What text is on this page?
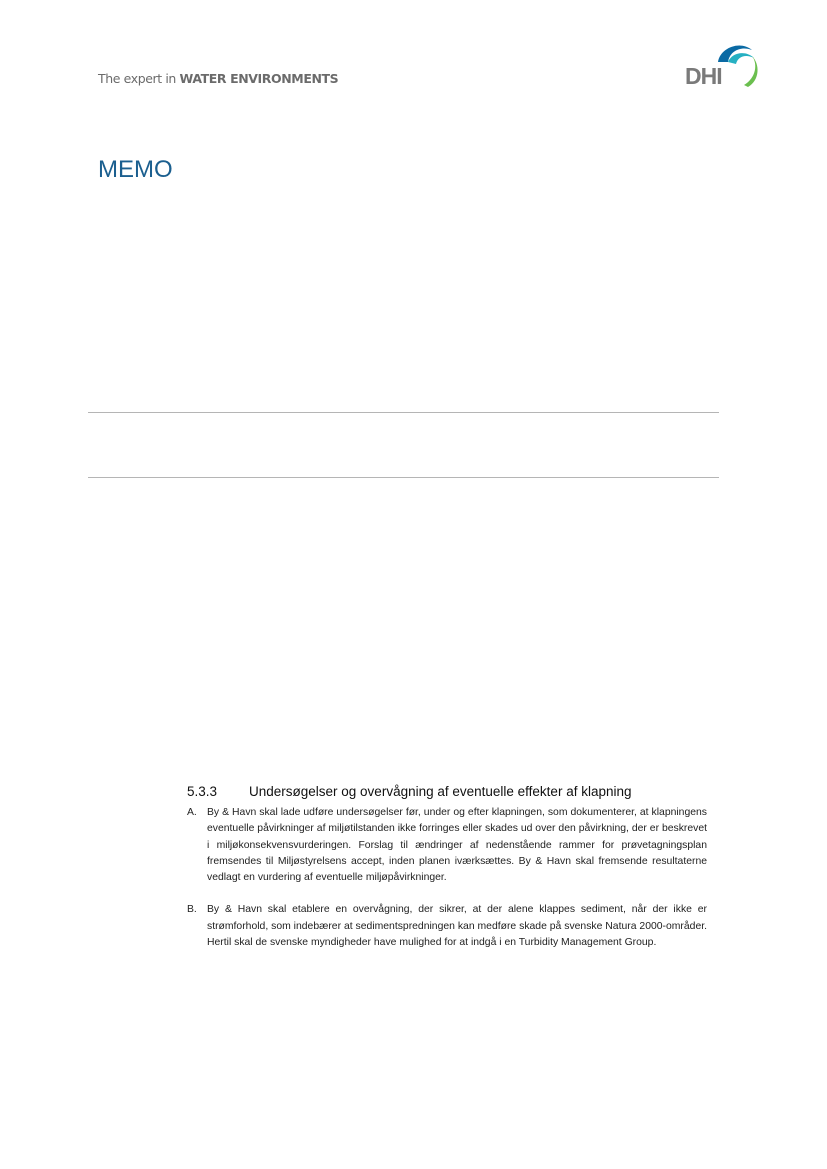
The expert in WATER ENVIRONMENTS	DHI
MEMO
5.3.3	Undersøgelser og overvågning af eventuelle effekter af klapning

A. By & Havn skal lade udføre undersøgelser før, under og efter klapningen, som dokumenterer, at klapningens eventuelle påvirkninger af miljøtilstanden ikke forringes eller skades ud over den påvirkning, der er beskrevet i miljøkonsekvensvurderingen. Forslag til ændringer af nedenstående rammer for prøvetagningsplan fremsendes til Miljøstyrelsens accept, inden planen iværksættes. By & Havn skal fremsende resultaterne vedlagt en vurdering af eventuelle miljøpåvirkninger.

B. By & Havn skal etablere en overvågning, der sikrer, at der alene klappes sediment, når der ikke er strømforhold, som indebærer at sedimentspredningen kan medføre skade på svenske Natura 2000-områder. Hertil skal de svenske myndigheder have mulighed for at indgå i en Turbidity Management Group.
